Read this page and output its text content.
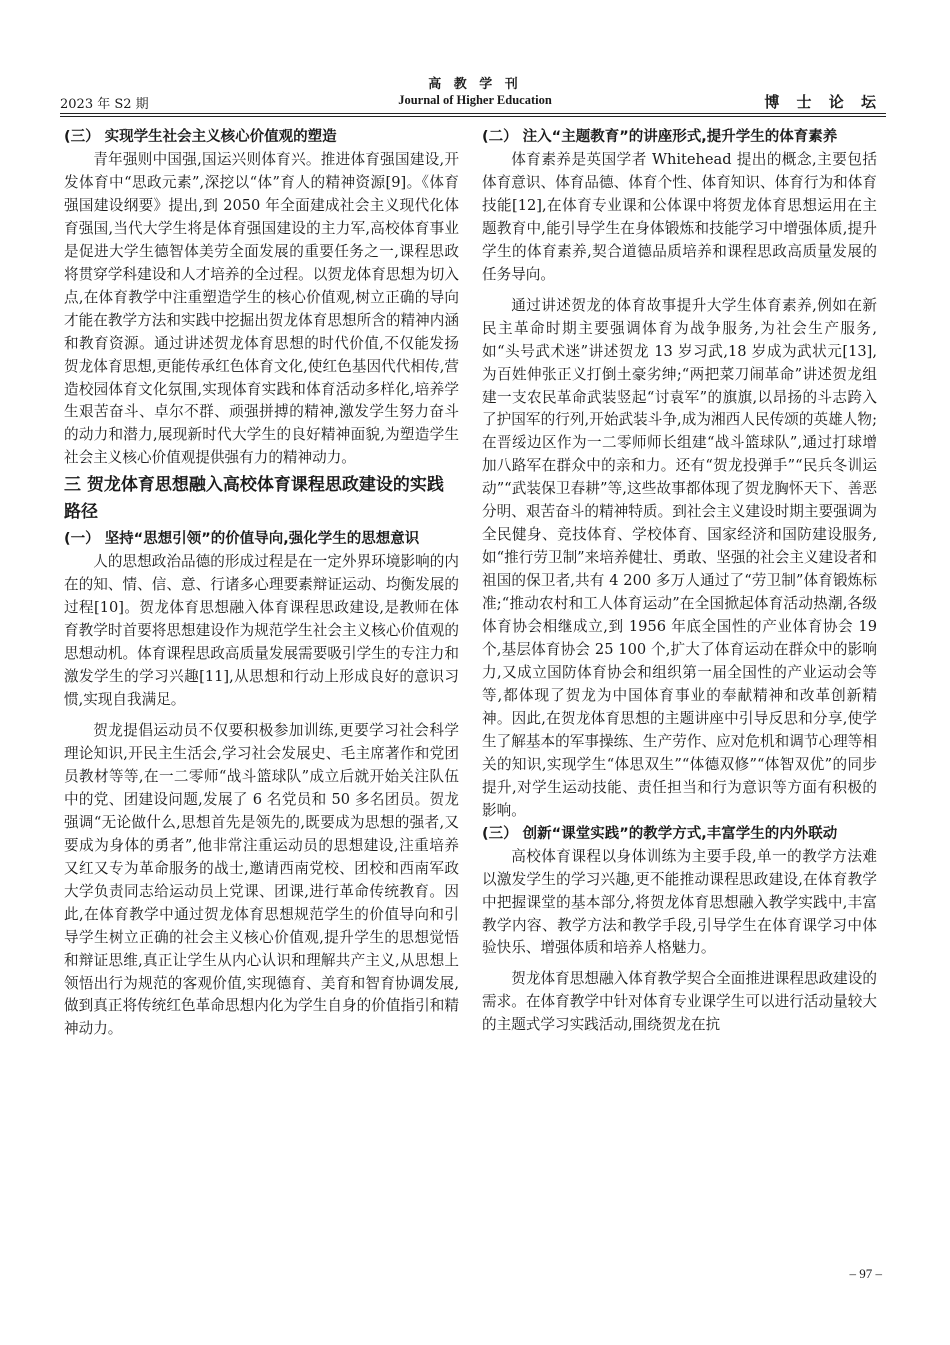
高 教 学 刊
2023 年 S2 期	Journal of Higher Education	博 士 论 坛
(三） 实现学生社会主义核心价值观的塑造

青年强则中国强,国运兴则体育兴。推进体育强国建设,开发体育中“思政元素”,深挖以“体”育人的精神资源[9]。《体育强国建设纲要》提出,到 2050 年全面建成社会主义现代化体育强国,当代大学生将是体育强国建设的主力军,高校体育事业是促进大学生德智体美劳全面发展的重要任务之一,课程思政将贯穿学科建设和人才培养的全过程。以贺龙体育思想为切入点,在体育教学中注重塑造学生的核心价值观,树立正确的导向才能在教学方法和实践中挖掘出贺龙体育思想所含的精神内涵和教育资源。通过讲述贺龙体育思想的时代价值,不仅能发扬贺龙体育思想,更能传承红色体育文化,使红色基因代代相传,营造校园体育文化氛围,实现体育实践和体育活动多样化,培养学生艰苦奋斗、卓尔不群、顽强拼搏的精神,激发学生努力奋斗的动力和潜力,展现新时代大学生的良好精神面貌,为塑造学生社会主义核心价值观提供强有力的精神动力。

三 贺龙体育思想融入高校体育课程思政建设的实践路径
(一） 坚持“思想引领”的价值导向,强化学生的思想意识

人的思想政治品德的形成过程是在一定外界环境影响的内在的知、情、信、意、行诸多心理要素辩证运动、均衡发展的过程[10]。贺龙体育思想融入体育课程思政建设,是教师在体育教学时首要将思想建设作为规范学生社会主义核心价值观的思想动机。体育课程思政高质量发展需要吸引学生的专注力和激发学生的学习兴趣[11],从思想和行动上形成良好的意识习惯,实现自我满足。

贺龙提倡运动员不仅要积极参加训练,更要学习社会科学理论知识,开民主生活会,学习社会发展史、毛主席著作和党团员教材等等,在一二零师“战斗篮球队”成立后就开始关注队伍中的党、团建设问题,发展了 6 名党员和 50 多名团员。贺龙强调“无论做什么,思想首先是领先的,既要成为思想的强者,又要成为身体的勇者”,他非常注重运动员的思想建设,注重培养又红又专为革命服务的战士,邀请西南党校、团校和西南军政大学负责同志给运动员上党课、团课,进行革命传统教育。因此,在体育教学中通过贺龙体育思想规范学生的价值导向和引导学生树立正确的社会主义核心价值观,提升学生的思想觉悟和辩证思维,真正让学生从内心认识和理解共产主义,从思想上领悟出行为规范的客观价值,实现德育、美育和智育协调发展,做到真正将传统红色革命思想内化为学生自身的价值指引和精神动力。

(二） 注入“主题教育”的讲座形式,提升学生的体育素养

体育素养是英国学者 Whitehead 提出的概念,主要包括体育意识、体育品德、体育个性、体育知识、体育行为和体育技能[12],在体育专业课和公体课中将贺龙体育思想运用在主题教育中,能引导学生在身体锻炼和技能学习中增强体质,提升学生的体育素养,契合道德品质培养和课程思政高质量发展的任务导向。

通过讲述贺龙的体育故事提升大学生体育素养,例如在新民主革命时期主要强调体育为战争服务,为社会生产服务,如“头号武术迷”讲述贺龙 13 岁习武,18 岁成为武状元[13],为百姓伸张正义打倒土豪劣绅;“两把菜刀闹革命”讲述贺龙组建一支农民革命武装竖起“讨袁军”的旗旗,以昂扬的斗志跨入了护国军的行列,开始武装斗争,成为湘西人民传颂的英雄人物;在晋绥边区作为一二零师师长组建“战斗篮球队”,通过打球增加八路军在群众中的亲和力。还有“贺龙投弹手”“民兵冬训运动”“武装保卫春耕”等,这些故事都体现了贺龙胸怀天下、善恶分明、艰苦奋斗的精神特质。到社会主义建设时期主要强调为全民健身、竞技体育、学校体育、国家经济和国防建设服务,如“推行劳卫制”来培养健壮、勇敢、坚强的社会主义建设者和祖国的保卫者,共有 4 200 多万人通过了“劳卫制”体育锻炼标准;“推动农村和工人体育运动”在全国掀起体育活动热潮,各级体育协会相继成立,到 1956 年底全国性的产业体育协会 19 个,基层体育协会 25 100 个,扩大了体育运动在群众中的影响力,又成立国防体育协会和组织第一届全国性的产业运动会等等,都体现了贺龙为中国体育事业的奉献精神和改革创新精神。因此,在贺龙体育思想的主题讲座中引导反思和分享,使学生了解基本的军事操练、生产劳作、应对危机和调节心理等相关的知识,实现学生“体思双生”“体德双修”“体智双优”的同步提升,对学生运动技能、责任担当和行为意识等方面有积极的影响。

(三） 创新“课堂实践”的教学方式,丰富学生的内外联动

高校体育课程以身体训练为主要手段,单一的教学方法难以激发学生的学习兴趣,更不能推动课程思政建设,在体育教学中把握课堂的基本部分,将贺龙体育思想融入教学实践中,丰富教学内容、教学方法和教学手段,引导学生在体育课学习中体验快乐、增强体质和培养人格魅力。

贺龙体育思想融入体育教学契合全面推进课程思政建设的需求。在体育教学中针对体育专业课学生可以进行活动量较大的主题式学习实践活动,围绕贺龙在抗

– 97 –
